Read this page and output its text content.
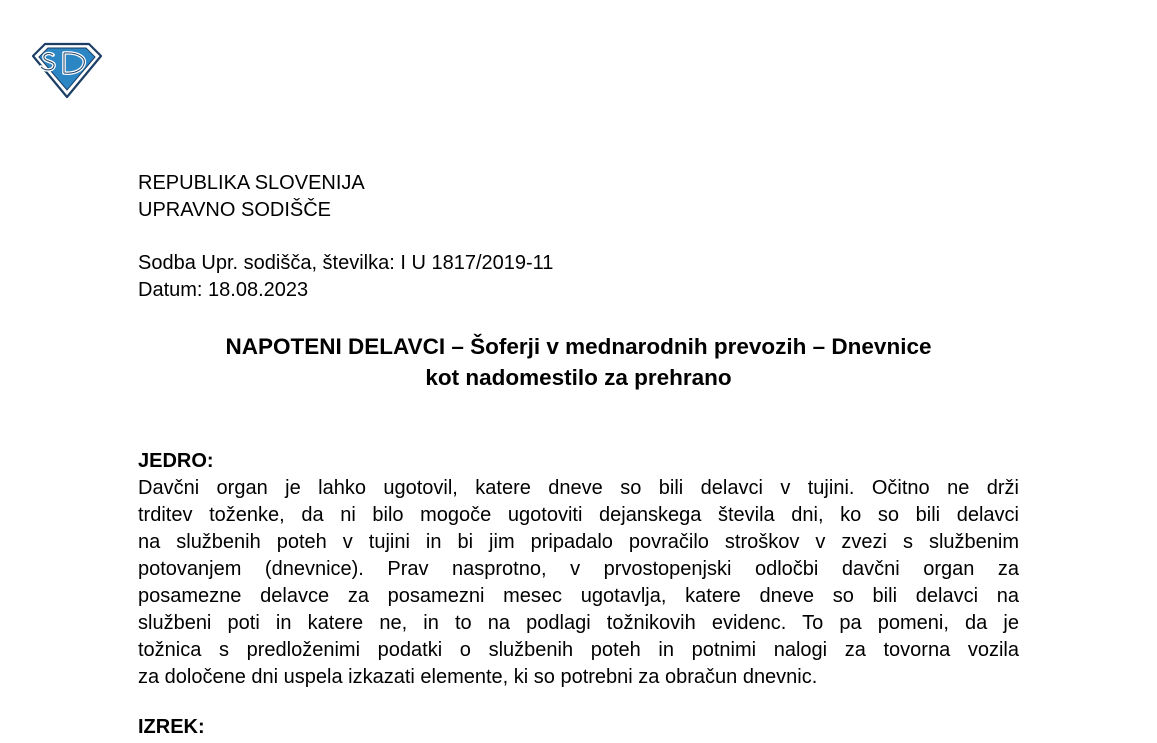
REPUBLIKA SLOVENIJA
UPRAVNO SODIŠČE
Sodba Upr. sodišča, številka: I U 1817/2019-11
Datum: 18.08.2023
NAPOTENI DELAVCI – Šoferji v mednarodnih prevozih – Dnevnice
kot nadomestilo za prehrano
JEDRO:
Davčni organ je lahko ugotovil, katere dneve so bili delavci v tujini. Očitno ne drži
trditev toženke, da ni bilo mogoče ugotoviti dejanskega števila dni, ko so bili delavci
na službenih poteh v tujini in bi jim pripadalo povračilo stroškov v zvezi s službenim
potovanjem (dnevnice). Prav nasprotno, v prvostopenjski odločbi davčni organ za
posamezne delavce za posamezni mesec ugotavlja, katere dneve so bili delavci na
službeni poti in katere ne, in to na podlagi tožnikovih evidenc. To pa pomeni, da je
tožnica s predloženimi podatki o službenih poteh in potnimi nalogi za tovorna vozila
za določene dni uspela izkazati elemente, ki so potrebni za obračun dnevnic.
IZREK:
